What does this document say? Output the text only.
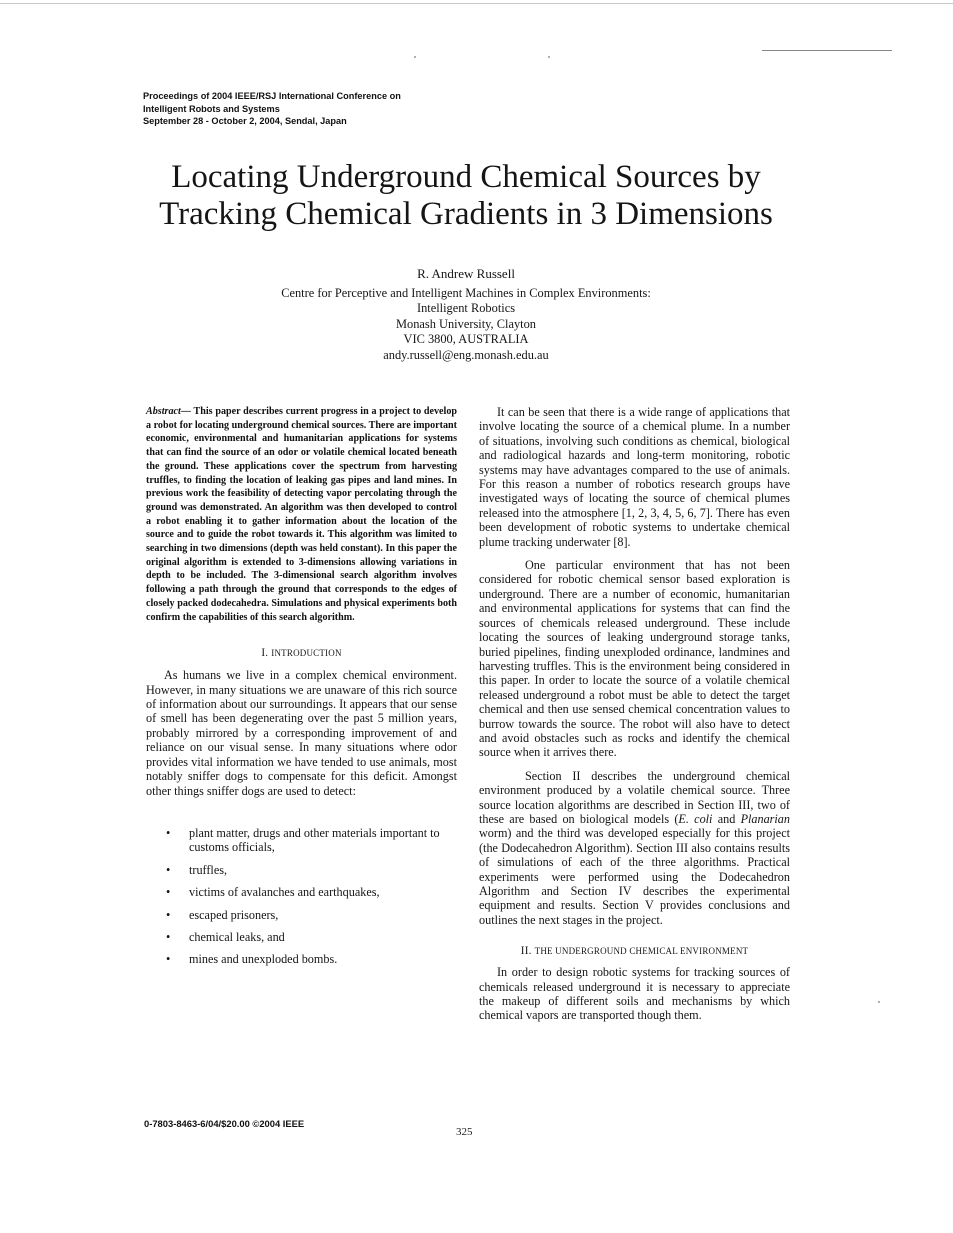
Proceedings of 2004 IEEE/RSJ International Conference on
Intelligent Robots and Systems
September 28 - October 2, 2004, Sendal, Japan
Locating Underground Chemical Sources by
Tracking Chemical Gradients in 3 Dimensions
R. Andrew Russell
Centre for Perceptive and Intelligent Machines in Complex Environments:
Intelligent Robotics
Monash University, Clayton
VIC 3800, AUSTRALIA
andy.russell@eng.monash.edu.au
Abstract— This paper describes current progress in a project to develop a robot for locating underground chemical sources. There are important economic, environmental and humanitarian applications for systems that can find the source of an odor or volatile chemical located beneath the ground. These applications cover the spectrum from harvesting truffles, to finding the location of leaking gas pipes and land mines. In previous work the feasibility of detecting vapor percolating through the ground was demonstrated. An algorithm was then developed to control a robot enabling it to gather information about the location of the source and to guide the robot towards it. This algorithm was limited to searching in two dimensions (depth was held constant). In this paper the original algorithm is extended to 3-dimensions allowing variations in depth to be included. The 3-dimensional search algorithm involves following a path through the ground that corresponds to the edges of closely packed dodecahedra. Simulations and physical experiments both confirm the capabilities of this search algorithm.
I. INTRODUCTION

As humans we live in a complex chemical environment. However, in many situations we are unaware of this rich source of information about our surroundings. It appears that our sense of smell has been degenerating over the past 5 million years, probably mirrored by a corresponding improvement of and reliance on our visual sense. In many situations where odor provides vital information we have tended to use animals, most notably sniffer dogs to compensate for this deficit. Amongst other things sniffer dogs are used to detect:

• plant matter, drugs and other materials important to customs officials,
• truffles,
• victims of avalanches and earthquakes,
• escaped prisoners,
• chemical leaks, and
• mines and unexploded bombs.

It can be seen that there is a wide range of applications that involve locating the source of a chemical plume. In a number of situations, involving such conditions as chemical, biological and radiological hazards and long-term monitoring, robotic systems may have advantages compared to the use of animals. For this reason a number of robotics research groups have investigated ways of locating the source of chemical plumes released into the atmosphere [1, 2, 3, 4, 5, 6, 7]. There has even been development of robotic systems to undertake chemical plume tracking underwater [8].

One particular environment that has not been considered for robotic chemical sensor based exploration is underground. There are a number of economic, humanitarian and environmental applications for systems that can find the sources of chemicals released underground. These include locating the sources of leaking underground storage tanks, buried pipelines, finding unexploded ordinance, landmines and harvesting truffles. This is the environment being considered in this paper. In order to locate the source of a volatile chemical released underground a robot must be able to detect the target chemical and then use sensed chemical concentration values to burrow towards the source. The robot will also have to detect and avoid obstacles such as rocks and identify the chemical source when it arrives there.

Section II describes the underground chemical environment produced by a volatile chemical source. Three source location algorithms are described in Section III, two of these are based on biological models (E. coli and Planarian worm) and the third was developed especially for this project (the Dodecahedron Algorithm). Section III also contains results of simulations of each of the three algorithms. Practical experiments were performed using the Dodecahedron Algorithm and Section IV describes the experimental equipment and results. Section V provides conclusions and outlines the next stages in the project.

II. THE UNDERGROUND CHEMICAL ENVIRONMENT

In order to design robotic systems for tracking sources of chemicals released underground it is necessary to appreciate the makeup of different soils and mechanisms by which chemical vapors are transported though them.

0-7803-8463-6/04/$20.00 ©2004 IEEE
325
